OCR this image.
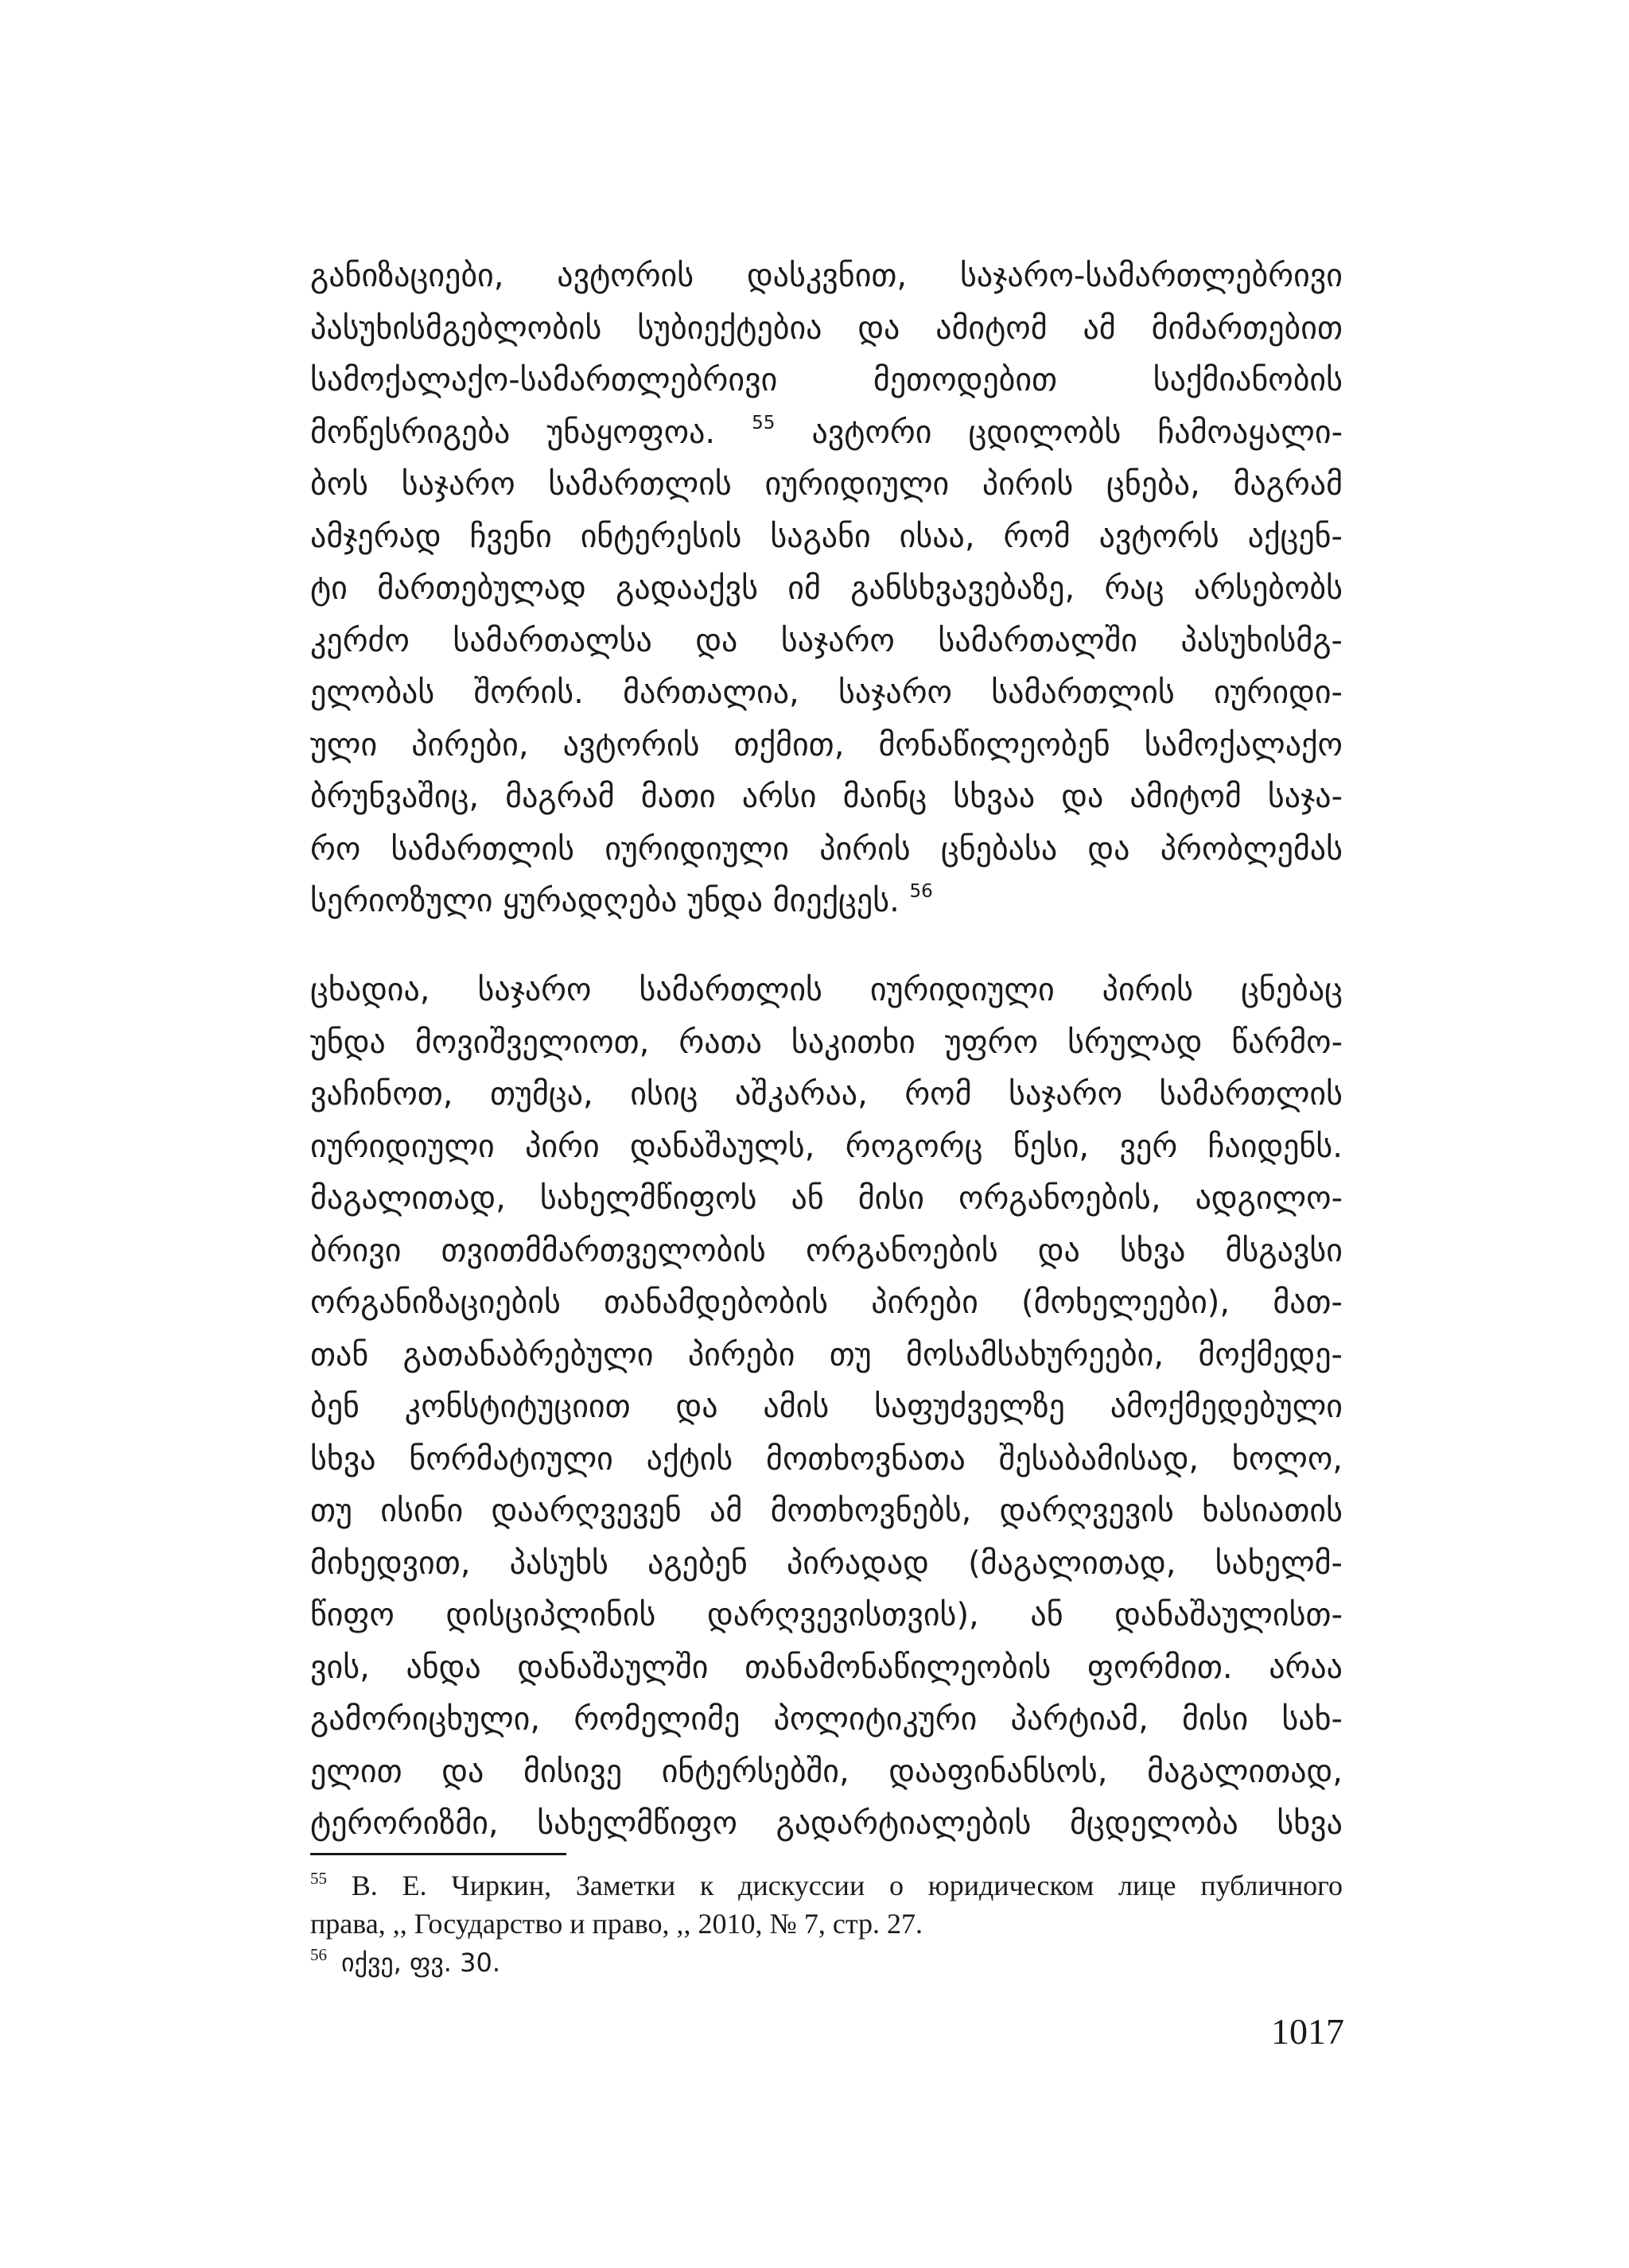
განიზაციები, ავტორის დასკვნით, საჯარო-სამართლებრივი
პასუხისმგებლობის სუბიექტებია და ამიტომ ამ მიმართებით
სამოქალაქო-სამართლებრივი მეთოდებით საქმიანობის
მოწესრიგება უნაყოფოა. $^{55}$ ავტორი ცდილობს ჩამოაყალი-
ბოს საჯარო სამართლის იურიდიული პირის ცნება, მაგრამ
ამჯერად ჩვენი ინტერესის საგანი ისაა, რომ ავტორს აქცენ-
ტი მართებულად გადააქვს იმ განსხვავებაზე, რაც არსებობს
კერძო სამართალსა და საჯარო სამართალში პასუხისმგ-
ელობას შორის. მართალია, საჯარო სამართლის იურიდი-
ული პირები, ავტორის თქმით, მონაწილეობენ სამოქალაქო
ბრუნვაშიც, მაგრამ მათი არსი მაინც სხვაა და ამიტომ საჯა-
რო სამართლის იურიდიული პირის ცნებასა და პრობლემას
სერიოზული ყურადღება უნდა მიექცეს. $^{56}$
ცხადია, საჯარო სამართლის იურიდიული პირის ცნებაც
უნდა მოვიშველიოთ, რათა საკითხი უფრო სრულად წარმო-
ვაჩინოთ, თუმცა, ისიც აშკარაა, რომ საჯარო სამართლის
იურიდიული პირი დანაშაულს, როგორც წესი, ვერ ჩაიდენს.
მაგალითად, სახელმწიფოს ან მისი ორგანოების, ადგილო-
ბრივი თვითმმართველობის ორგანოების და სხვა მსგავსი
ორგანიზაციების თანამდებობის პირები (მოხელეები), მათ-
თან გათანაბრებული პირები თუ მოსამსახურეები, მოქმედე-
ბენ კონსტიტუციით და ამის საფუძველზე ამოქმედებული
სხვა ნორმატიული აქტის მოთხოვნათა შესაბამისად, ხოლო,
თუ ისინი დაარღვევენ ამ მოთხოვნებს, დარღვევის ხასიათის
მიხედვით, პასუხს აგებენ პირადად (მაგალითად, სახელმ-
წიფო დისციპლინის დარღვევისთვის), ან დანაშაულისთ-
ვის, ანდა დანაშაულში თანამონაწილეობის ფორმით. არაა
გამორიცხული, რომელიმე პოლიტიკური პარტიამ, მისი სახ-
ელით და მისივე ინტერსებში, დააფინანსოს, მაგალითად,
ტერორიზმი, სახელმწიფო გადარტიალების მცდელობა სხვა
$^{55}$ В. Е. Чиркин, Заметки к дискуссии о юридическом лице публичного
права, ,, Государство и право, ,, 2010, № 7, стр. 27.
$^{56}$ იქვე, ფვ. 30.
1017
